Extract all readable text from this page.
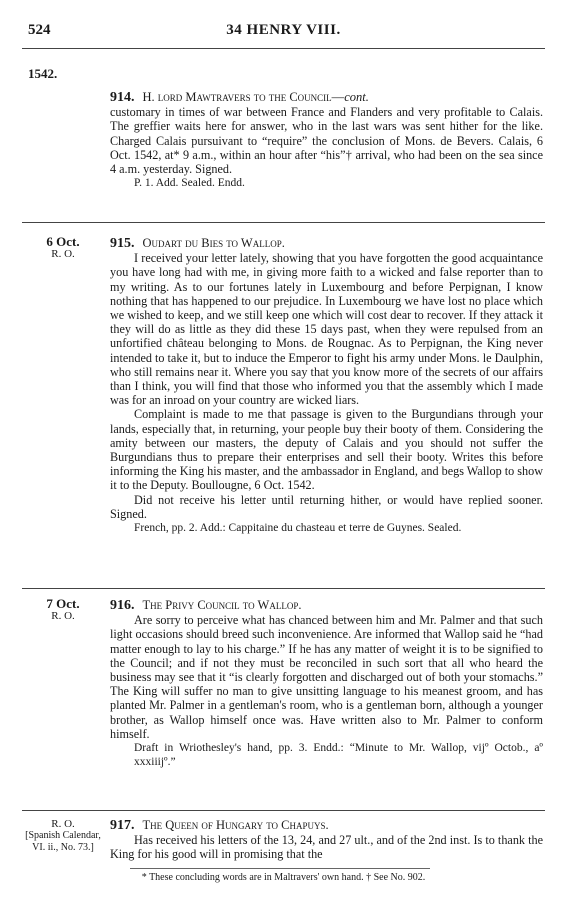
524	34 HENRY VIII.
1542.

914. H. lord Mawtravers to the Council—cont.

customary in times of war between France and Flanders and very profitable to Calais. The greffier waits here for answer, who in the last wars was sent hither for the like. Charged Calais pursuivant to “require” the conclusion of Mons. de Bevers. Calais, 6 Oct. 1542, at* 9 a.m., within an hour after “his”† arrival, who had been on the sea since 4 a.m. yesterday. Signed.

P. 1. Add. Sealed. Endd.

6 Oct.
R. O.

915. Oudart du Bies to Wallop.

I received your letter lately, showing that you have forgotten the good acquaintance you have long had with me, in giving more faith to a wicked and false reporter than to my writing. As to our fortunes lately in Luxembourg and before Perpignan, I know nothing that has happened to our prejudice. In Luxembourg we have lost no place which we wished to keep, and we still keep one which will cost dear to recover. If they attack it they will do as little as they did these 15 days past, when they were repulsed from an unfortified château belonging to Mons. de Rougnac. As to Perpignan, the King never intended to take it, but to induce the Emperor to fight his army under Mons. le Daulphin, who still remains near it. Where you say that you know more of the secrets of our affairs than I think, you will find that those who informed you that the assembly which I made was for an inroad on your country are wicked liars.

Complaint is made to me that passage is given to the Burgundians through your lands, especially that, in returning, your people buy their booty of them. Considering the amity between our masters, the deputy of Calais and you should not suffer the Burgundians thus to prepare their enterprises and sell their booty. Writes this before informing the King his master, and the ambassador in England, and begs Wallop to show it to the Deputy. Boullougne, 6 Oct. 1542.

Did not receive his letter until returning hither, or would have replied sooner. Signed.

French, pp. 2. Add.: Cappitaine du chasteau et terre de Guynes. Sealed.

7 Oct.
R. O.

916. The Privy Council to Wallop.

Are sorry to perceive what has chanced between him and Mr. Palmer and that such light occasions should breed such inconvenience. Are informed that Wallop said he “had matter enough to lay to his charge.” If he has any matter of weight it is to be signified to the Council; and if not they must be reconciled in such sort that all who heard the business may see that it “is clearly forgotten and discharged out of both your stomachs.” The King will suffer no man to give unsitting language to his meanest groom, and has planted Mr. Palmer in a gentleman's room, who is a gentleman born, although a younger brother, as Wallop himself once was. Have written also to Mr. Palmer to conform himself.

Draft in Wriothesley's hand, pp. 3. Endd.: “Minute to Mr. Wallop, vijº Octob., aº xxxiiijº.”

R. O.
[Spanish Calendar, VI. ii., No. 73.]

917. The Queen of Hungary to Chapuys.

Has received his letters of the 13, 24, and 27 ult., and of the 2nd inst. Is to thank the King for his good will in promising that the

* These concluding words are in Maltravers' own hand. † See No. 902.
